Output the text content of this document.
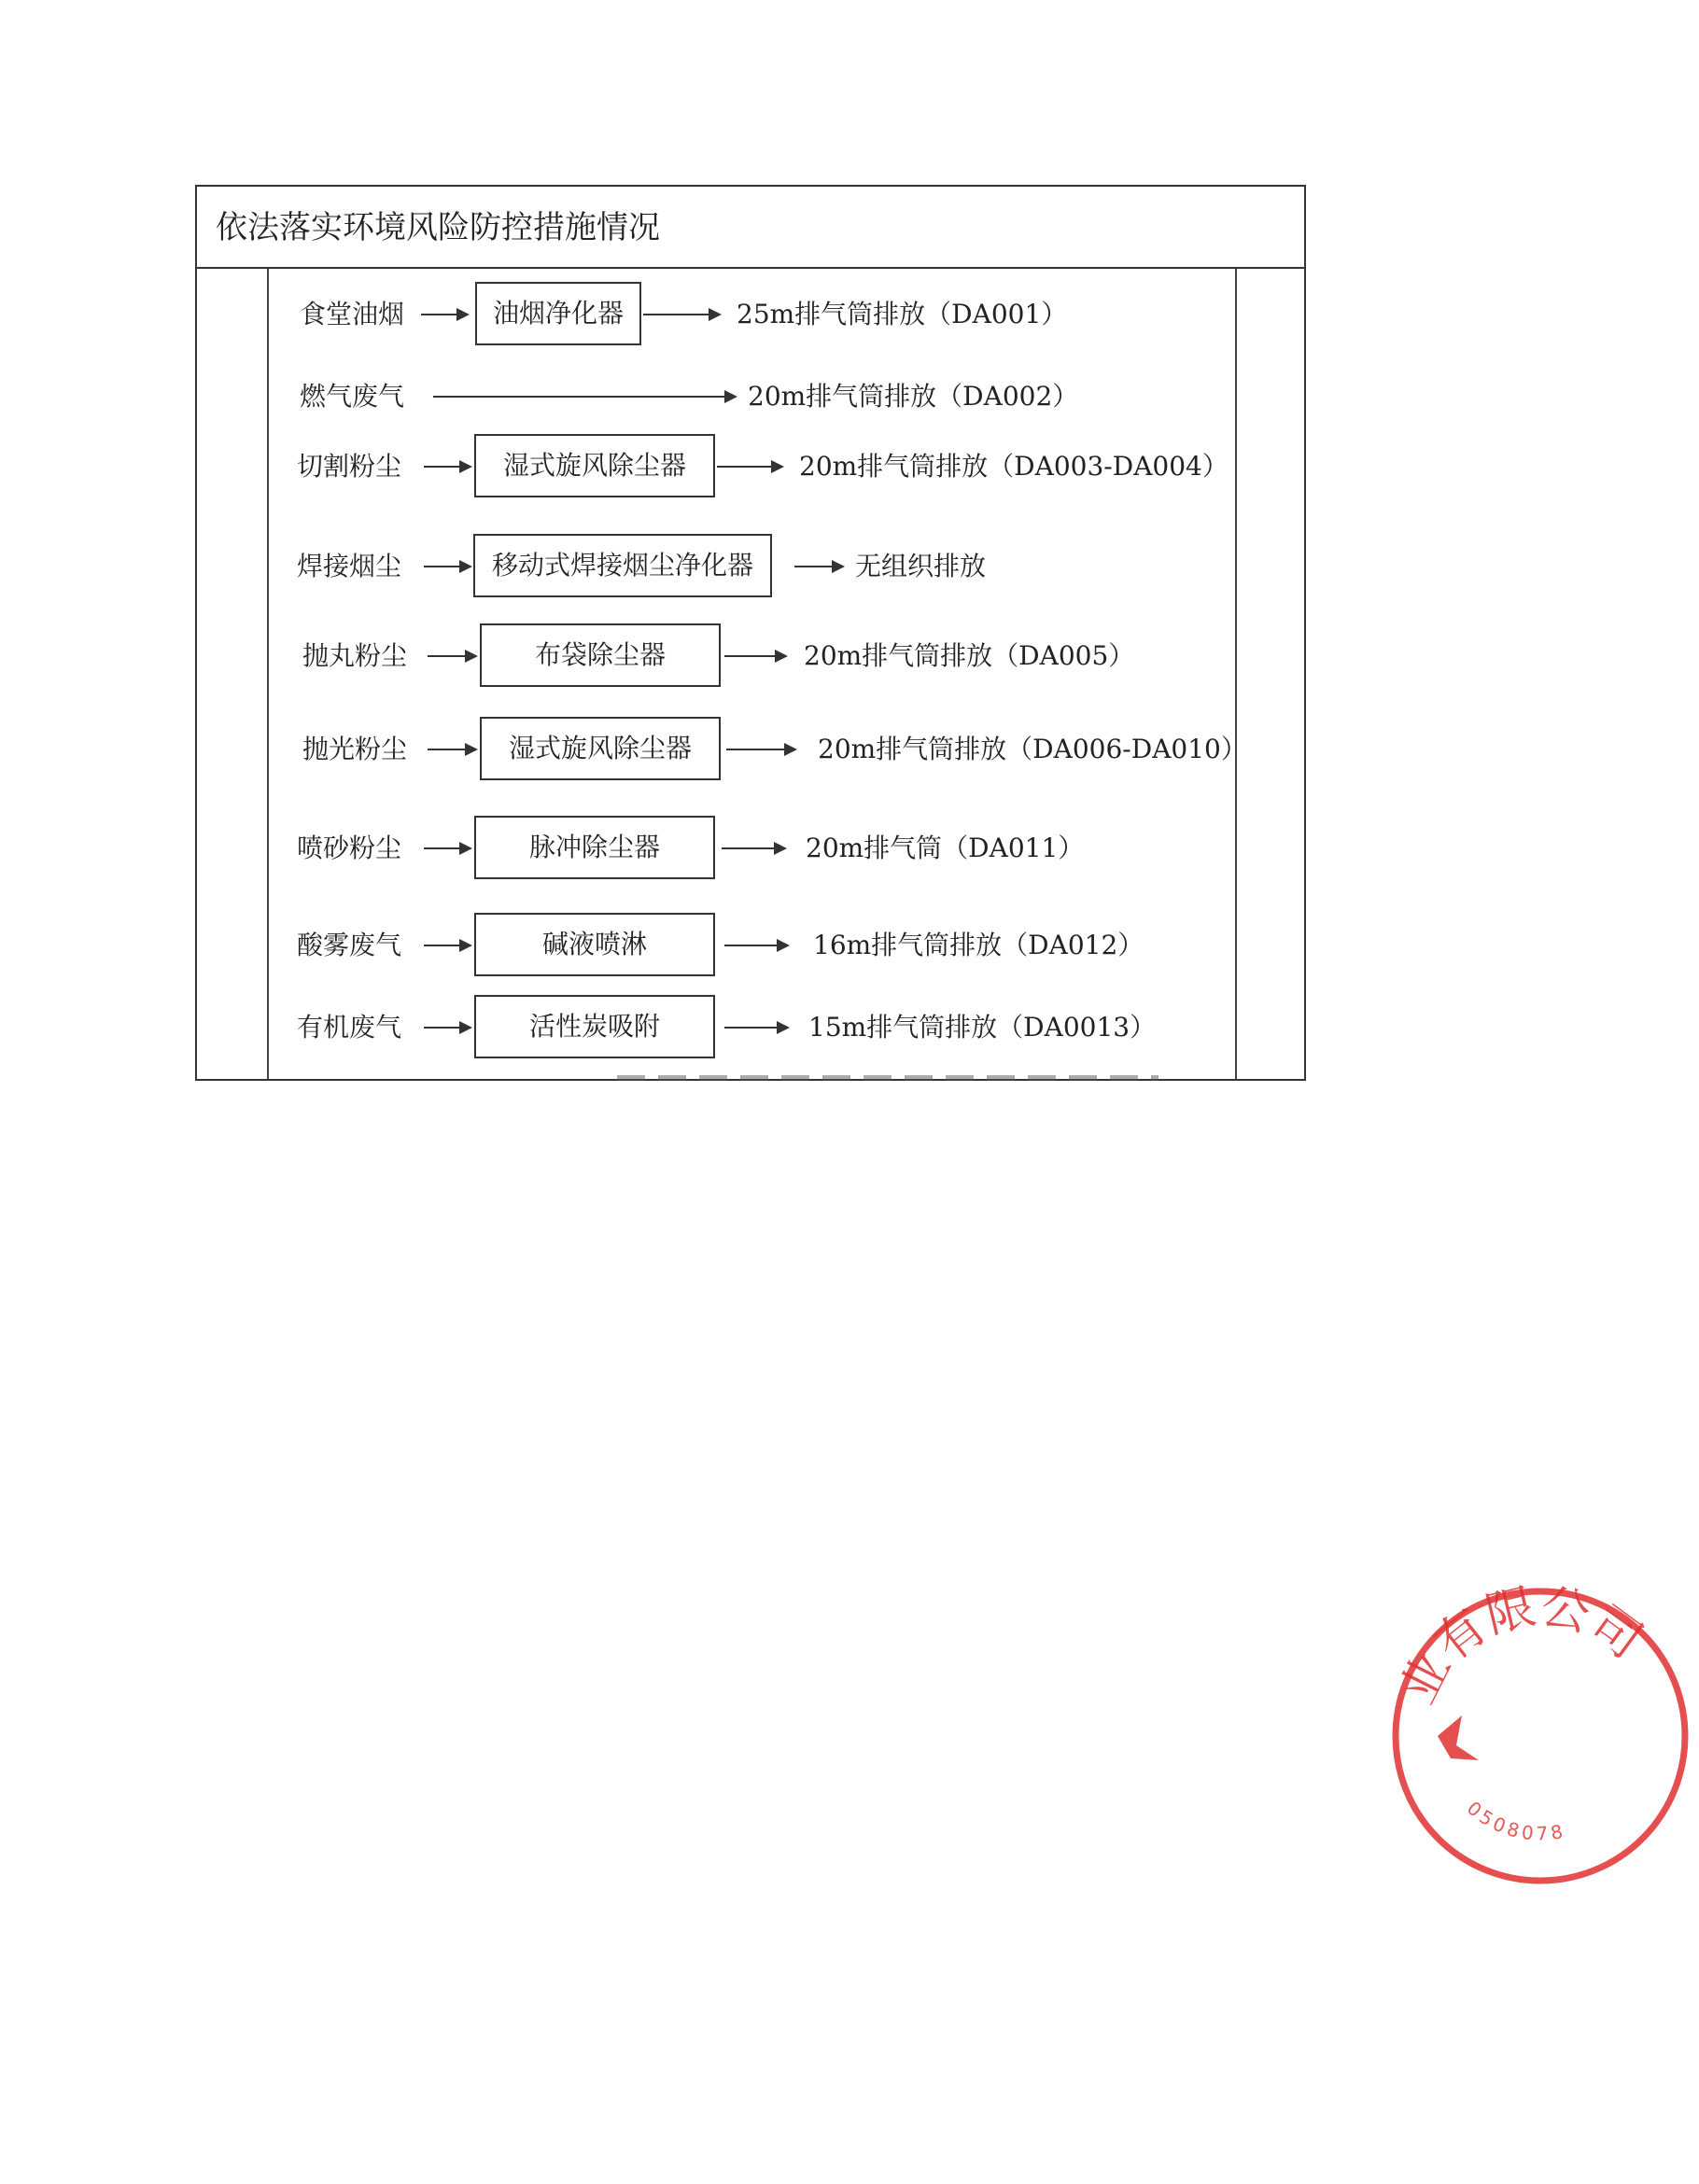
依法落实环境风险防控措施情况
食堂油烟	油烟净化器	25m排气筒排放（DA001）
燃气废气	20m排气筒排放（DA002）
切割粉尘	湿式旋风除尘器	20m排气筒排放（DA003-DA004）
焊接烟尘	移动式焊接烟尘净化器	无组织排放
抛丸粉尘	布袋除尘器	20m排气筒排放（DA005）
抛光粉尘	湿式旋风除尘器	20m排气筒排放（DA006-DA010）
喷砂粉尘	脉冲除尘器	20m排气筒（DA011）
酸雾废气	碱液喷淋	16m排气筒排放（DA012）
有机废气	活性炭吸附	15m排气筒排放（DA0013）
业有限公司
0508078
